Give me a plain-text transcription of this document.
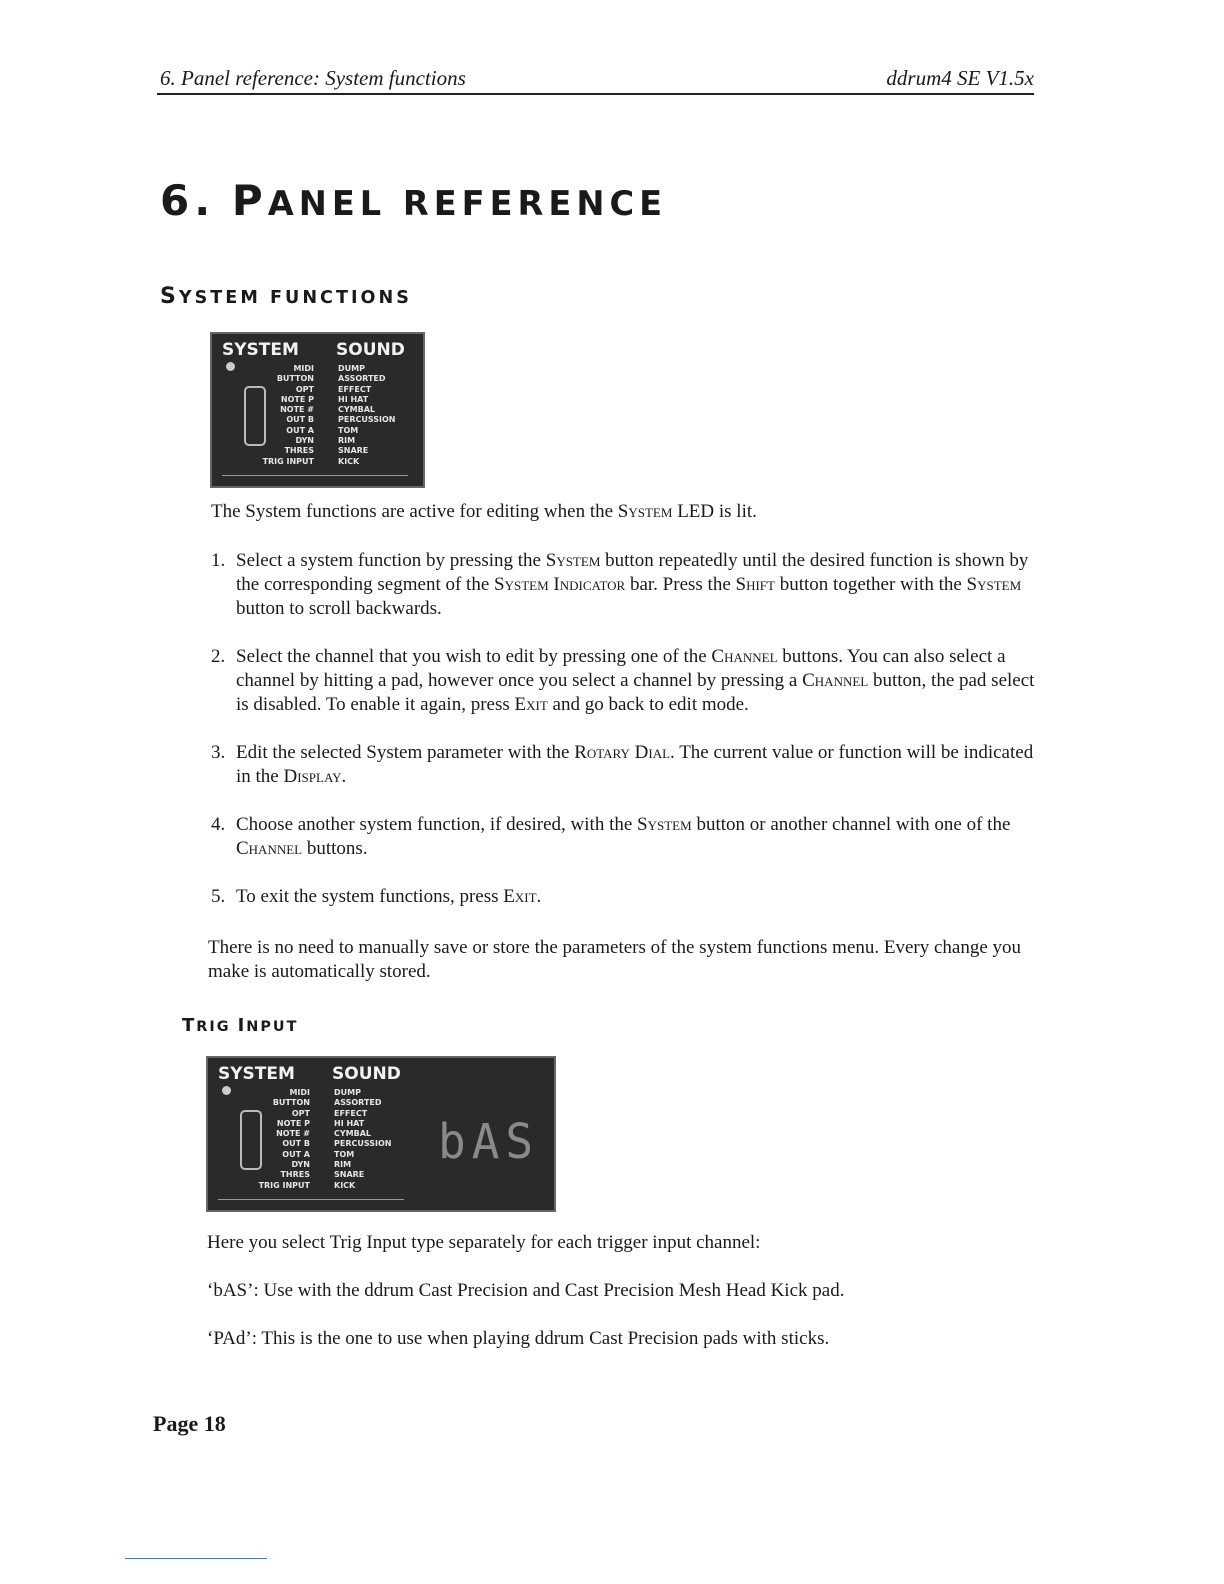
6. Panel reference: System functions	ddrum4 SE V1.5x
6. PANEL REFERENCE
SYSTEM FUNCTIONS
SYSTEM SOUND
MIDI
BUTTON
OPT
NOTE P
NOTE #
OUT B
OUT A
DYN
THRES
TRIG INPUT
DUMP
ASSORTED
EFFECT
HI HAT
CYMBAL
PERCUSSION
TOM
RIM
SNARE
KICK
The System functions are active for editing when the System LED is lit.
1. Select a system function by pressing the System button repeatedly until the desired function is shown by the corresponding segment of the System Indicator bar. Press the Shift button together with the System button to scroll backwards.
2. Select the channel that you wish to edit by pressing one of the Channel buttons. You can also select a channel by hitting a pad, however once you select a channel by pressing a Channel button, the pad select is disabled. To enable it again, press Exit and go back to edit mode.
3. Edit the selected System parameter with the Rotary Dial. The current value or function will be indicated in the Display.
4. Choose another system function, if desired, with the System button or another channel with one of the Channel buttons.
5. To exit the system functions, press Exit.
There is no need to manually save or store the parameters of the system functions menu. Every change you make is automatically stored.
TRIG INPUT
SYSTEM SOUND
MIDI
BUTTON
OPT
NOTE P
NOTE #
OUT B
OUT A
DYN
THRES
TRIG INPUT
DUMP
ASSORTED
EFFECT
HI HAT
CYMBAL
PERCUSSION
TOM
RIM
SNARE
KICK
bAS
Here you select Trig Input type separately for each trigger input channel:
‘bAS’: Use with the ddrum Cast Precision and Cast Precision Mesh Head Kick pad.
‘PAd’: This is the one to use when playing ddrum Cast Precision pads with sticks.
Page 18
